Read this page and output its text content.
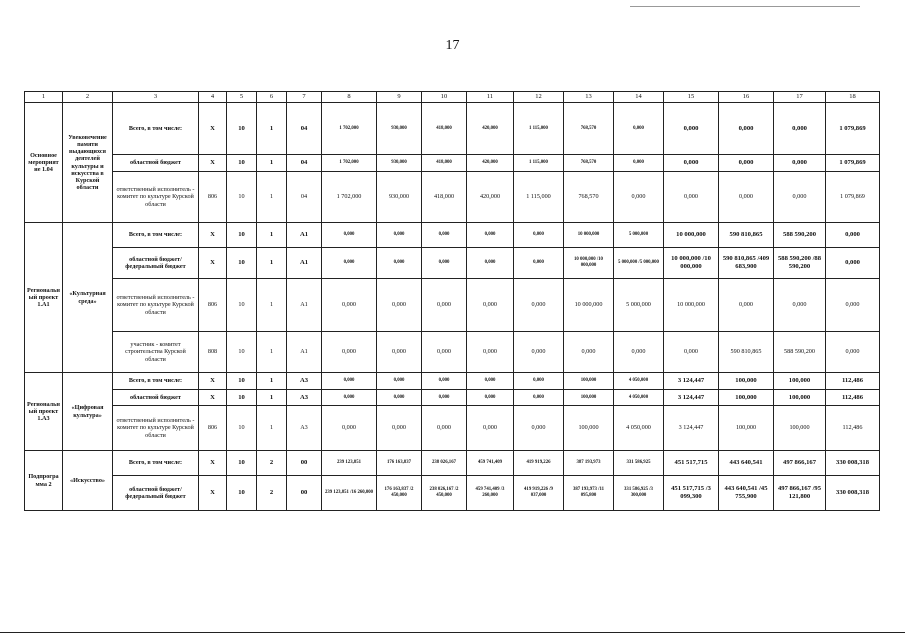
17
1	2	3	4	5	6	7	8	9	10	11	12	13	14	15	16	17	18
Основное мероприятие 1.04	Увековечение памяти выдающихся деятелей культуры и искусства в Курской области	Всего, в том числе:	X	10	1	04	1 702,000	930,000	418,000	420,000	1 115,000	768,570	0,000	0,000	0,000	0,000	1 079,869
		областной бюджет	X	10	1	04	1 702,000	930,000	418,000	420,000	1 115,000	768,570	0,000	0,000	0,000	0,000	1 079,869
		ответственный исполнитель - комитет по культуре Курской области	806	10	1	04	1 702,000	930,000	418,000	420,000	1 115,000	768,570	0,000	0,000	0,000	0,000	1 079,869
Региональный проект 1.А1	«Культурная среда»	Всего, в том числе:	X	10	1	А1	0,000	0,000	0,000	0,000	0,000	10 000,000	5 000,000	10 000,000	590 810,865	588 590,200	0,000
		областной бюджет/ федеральный бюджет	X	10	1	А1	0,000	0,000	0,000	0,000	0,000	10 000,000 /10 000,000	5 000,000 /5 000,000	10 000,000 /10 000,000	590 810,865 /409 683,900	588 590,200 /88 590,200	0,000
		ответственный исполнитель - комитет по культуре Курской области	806	10	1	А1	0,000	0,000	0,000	0,000	0,000	10 000,000	5 000,000	10 000,000	0,000	0,000	0,000
		участник - комитет строительства Курской области	808	10	1	А1	0,000	0,000	0,000	0,000	0,000	0,000	0,000	0,000	590 810,865	588 590,200	0,000
Региональный проект 1.А3	«Цифровая культура»	Всего, в том числе:	X	10	1	А3	0,000	0,000	0,000	0,000	0,000	100,000	4 050,000	3 124,447	100,000	100,000	112,486
		областной бюджет	X	10	1	А3	0,000	0,000	0,000	0,000	0,000	100,000	4 050,000	3 124,447	100,000	100,000	112,486
		ответственный исполнитель - комитет по культуре Курской области	806	10	1	А3	0,000	0,000	0,000	0,000	0,000	100,000	4 050,000	3 124,447	100,000	100,000	112,486
Подпрограмма 2	«Искусство»	Всего, в том числе:	X	10	2	00	239 123,851	176 163,837	238 026,167	459 741,409	419 919,226	387 193,973	331 586,925	451 517,715	443 640,541	497 866,167	330 008,318
		областной бюджет/ федеральный бюджет	X	10	2	00	239 123,851 /16 260,000	176 163,837 /2 450,000	238 026,167 /2 450,000	459 741,409 /3 260,000	419 919,226 /9 037,000	387 193,973 /11 095,800	331 586,925 /3 300,000	451 517,715 /3 099,300	443 640,541 /45 755,900	497 866,167 /95 121,800	330 008,318
